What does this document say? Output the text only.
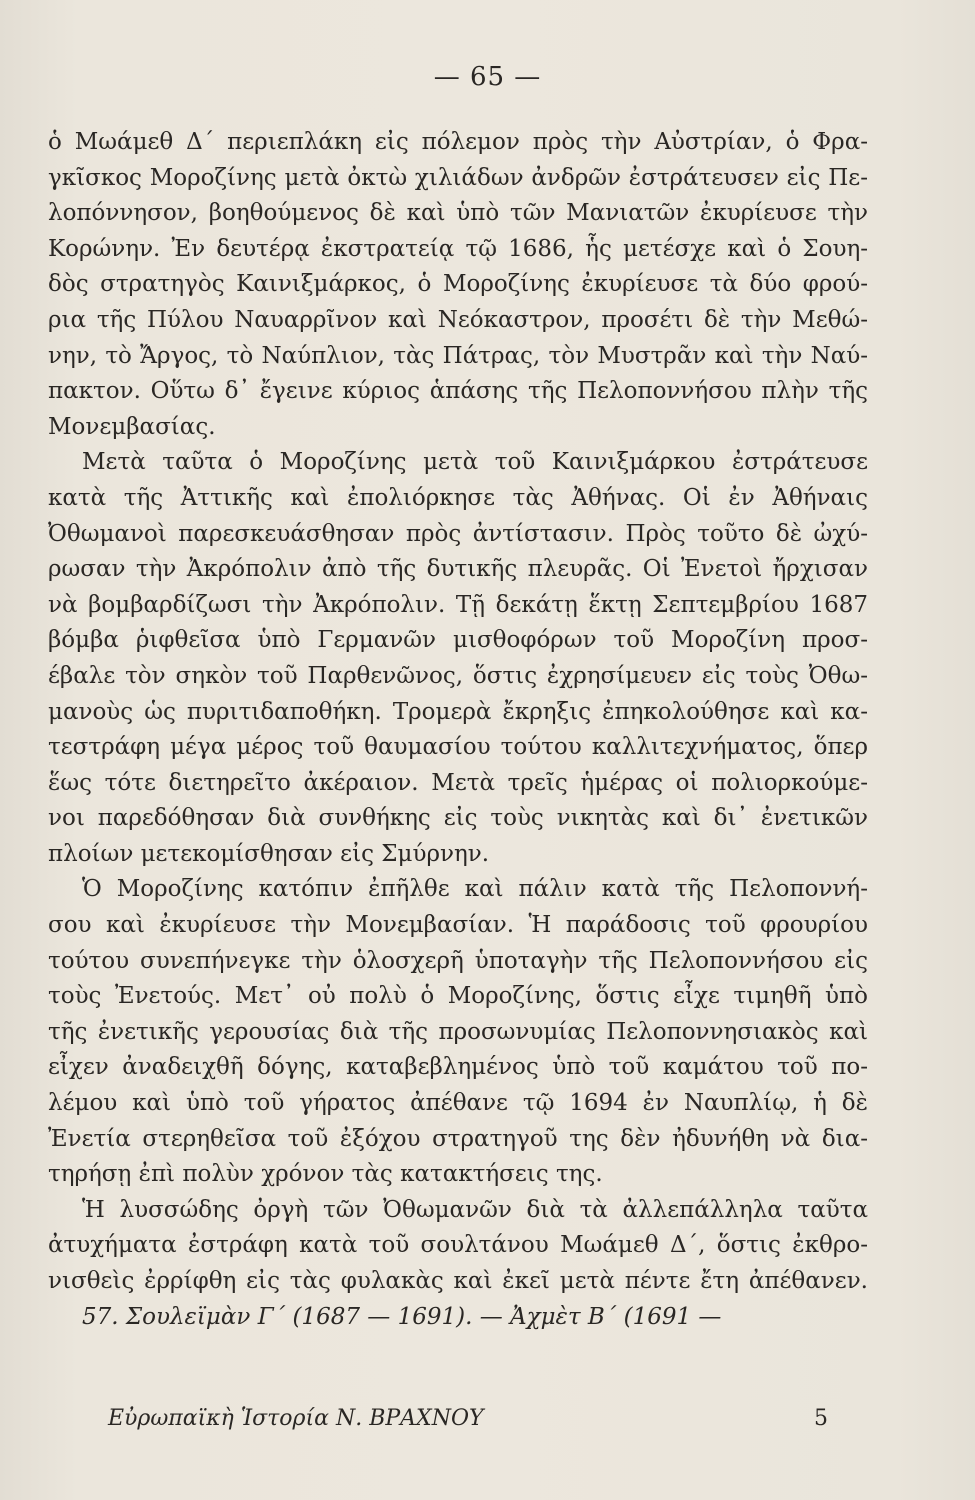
— 65 —
ὁ Μωάμεθ Δ΄ περιεπλάκη εἰς πόλεμον πρὸς τὴν Αὐστρίαν, ὁ Φρα-
γκῖσκος Μοροζίνης μετὰ ὀκτὼ χιλιάδων ἀνδρῶν ἐστράτευσεν εἰς Πε-
λοπόννησον, βοηθούμενος δὲ καὶ ὑπὸ τῶν Μανιατῶν ἐκυρίευσε τὴν
Κορώνην. Ἐν δευτέρᾳ ἐκστρατείᾳ τῷ 1686, ἧς μετέσχε καὶ ὁ Σουη-
δὸς στρατηγὸς Καινιξμάρκος, ὁ Μοροζίνης ἐκυρίευσε τὰ δύο φρού-
ρια τῆς Πύλου Ναυαρρῖνον καὶ Νεόκαστρον, προσέτι δὲ τὴν Μεθώ-
νην, τὸ Ἄργος, τὸ Ναύπλιον, τὰς Πάτρας, τὸν Μυστρᾶν καὶ τὴν Ναύ-
πακτον. Οὕτω δ᾽ ἔγεινε κύριος ἁπάσης τῆς Πελοποννήσου πλὴν τῆς
Μονεμβασίας.
Μετὰ ταῦτα ὁ Μοροζίνης μετὰ τοῦ Καινιξμάρκου ἐστράτευσε
κατὰ τῆς Ἀττικῆς καὶ ἐπολιόρκησε τὰς Ἀθήνας. Οἱ ἐν Ἀθήναις
Ὀθωμανοὶ παρεσκευάσθησαν πρὸς ἀντίστασιν. Πρὸς τοῦτο δὲ ὠχύ-
ρωσαν τὴν Ἀκρόπολιν ἀπὸ τῆς δυτικῆς πλευρᾶς. Οἱ Ἐνετοὶ ἤρχισαν
νὰ βομβαρδίζωσι τὴν Ἀκρόπολιν. Τῇ δεκάτῃ ἕκτῃ Σεπτεμβρίου 1687
βόμβα ῥιφθεῖσα ὑπὸ Γερμανῶν μισθοφόρων τοῦ Μοροζίνη προσ-
έβαλε τὸν σηκὸν τοῦ Παρθενῶνος, ὅστις ἐχρησίμευεν εἰς τοὺς Ὀθω-
μανοὺς ὡς πυριτιδαποθήκη. Τρομερὰ ἔκρηξις ἐπηκολούθησε καὶ κα-
τεστράφη μέγα μέρος τοῦ θαυμασίου τούτου καλλιτεχνήματος, ὅπερ
ἕως τότε διετηρεῖτο ἀκέραιον. Μετὰ τρεῖς ἡμέρας οἱ πολιορκούμε-
νοι παρεδόθησαν διὰ συνθήκης εἰς τοὺς νικητὰς καὶ δι᾽ ἐνετικῶν
πλοίων μετεκομίσθησαν εἰς Σμύρνην.
Ὁ Μοροζίνης κατόπιν ἐπῆλθε καὶ πάλιν κατὰ τῆς Πελοποννή-
σου καὶ ἐκυρίευσε τὴν Μονεμβασίαν. Ἡ παράδοσις τοῦ φρουρίου
τούτου συνεπήνεγκε τὴν ὁλοσχερῆ ὑποταγὴν τῆς Πελοποννήσου εἰς
τοὺς Ἐνετούς. Μετ᾽ οὐ πολὺ ὁ Μοροζίνης, ὅστις εἶχε τιμηθῆ ὑπὸ
τῆς ἐνετικῆς γερουσίας διὰ τῆς προσωνυμίας Πελοποννησιακὸς καὶ
εἶχεν ἀναδειχθῆ δόγης, καταβεβλημένος ὑπὸ τοῦ καμάτου τοῦ πο-
λέμου καὶ ὑπὸ τοῦ γήρατος ἀπέθανε τῷ 1694 ἐν Ναυπλίῳ, ἡ δὲ
Ἐνετία στερηθεῖσα τοῦ ἐξόχου στρατηγοῦ της δὲν ἠδυνήθη νὰ δια-
τηρήσῃ ἐπὶ πολὺν χρόνον τὰς κατακτήσεις της.
Ἡ λυσσώδης ὀργὴ τῶν Ὀθωμανῶν διὰ τὰ ἀλλεπάλληλα ταῦτα
ἀτυχήματα ἐστράφη κατὰ τοῦ σουλτάνου Μωάμεθ Δ΄, ὅστις ἐκθρο-
νισθεὶς ἐρρίφθη εἰς τὰς φυλακὰς καὶ ἐκεῖ μετὰ πέντε ἔτη ἀπέθανεν.
57. Σουλεϊμὰν Γ΄ (1687 — 1691). — Ἀχμὲτ Β΄ (1691 —
Εὐρωπαϊκὴ Ἱστορία Ν. ΒΡΑΧΝΟΥ	5
